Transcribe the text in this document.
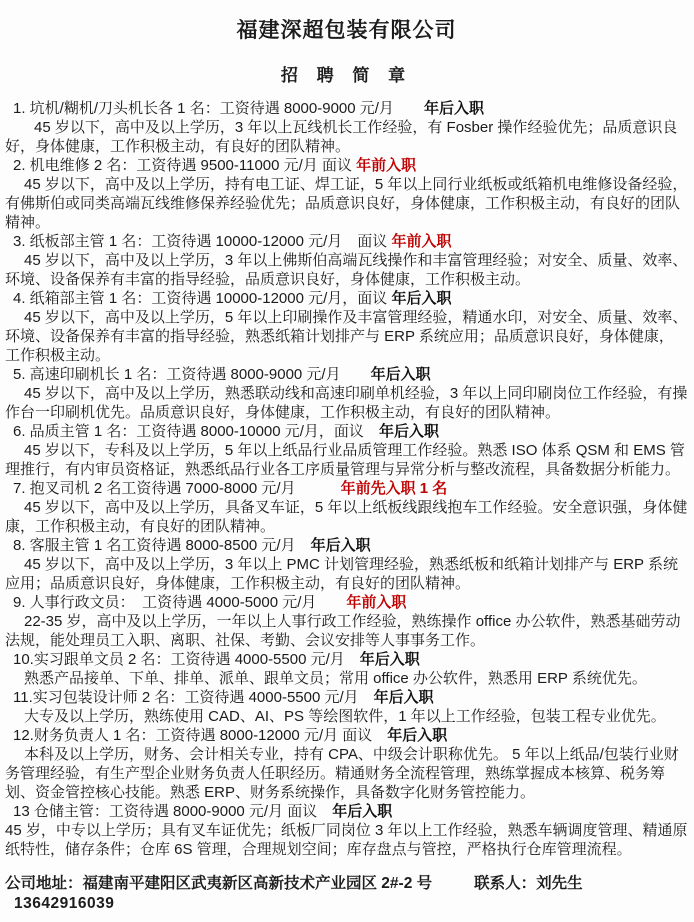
福建深超包装有限公司
招 聘 简 章
1. 坑机/糊机/刀头机长各 1 名：工资待遇 8000-9000 元/月　　年后入职
45 岁以下，高中及以上学历，3 年以上瓦线机长工作经验，有 Fosber 操作经验优先；品质意识良好，身体健康，工作积极主动，有良好的团队精神。
2. 机电维修 2 名：工资待遇 9500-11000 元/月 面议 年前入职
45 岁以下，高中及以上学历，持有电工证、焊工证，5 年以上同行业纸板或纸箱机电维修设备经验，有佛斯伯或同类高端瓦线维修保养经验优先；品质意识良好，身体健康，工作积极主动，有良好的团队精神。
3. 纸板部主管 1 名：工资待遇 10000-12000 元/月　面议 年前入职
45 岁以下，高中及以上学历，3 年以上佛斯伯高端瓦线操作和丰富管理经验；对安全、质量、效率、环境、设备保养有丰富的指导经验，品质意识良好，身体健康，工作积极主动。
4. 纸箱部主管 1 名：工资待遇 10000-12000 元/月，面议 年后入职
45 岁以下，高中及以上学历，5 年以上印刷操作及丰富管理经验，精通水印，对安全、质量、效率、环境、设备保养有丰富的指导经验，熟悉纸箱计划排产与 ERP 系统应用；品质意识良好，身体健康，工作积极主动。
5. 高速印刷机长 1 名：工资待遇 8000-9000 元/月　　年后入职
45 岁以下，高中及以上学历，熟悉联动线和高速印刷单机经验，3 年以上同印刷岗位工作经验，有操作台一印刷机优先。品质意识良好，身体健康，工作积极主动，有良好的团队精神。
6. 品质主管 1 名：工资待遇 8000-10000 元/月，面议　年后入职
45 岁以下，专科及以上学历，5 年以上纸品行业品质管理工作经验。熟悉 ISO 体系 QSM 和 EMS 管理推行，有内审员资格证，熟悉纸品行业各工序质量管理与异常分析与整改流程，具备数据分析能力。
7. 抱叉司机 2 名工资待遇 7000-8000 元/月　　　年前先入职 1 名
45 岁以下，高中及以上学历，具备叉车证，5 年以上纸板线跟线抱车工作经验。安全意识强，身体健康，工作积极主动，有良好的团队精神。
8. 客服主管 1 名工资待遇 8000-8500 元/月　年后入职
45 岁以下，高中及以上学历，3 年以上 PMC 计划管理经验，熟悉纸板和纸箱计划排产与 ERP 系统应用；品质意识良好，身体健康，工作积极主动，有良好的团队精神。
9. 人事行政文员：　工资待遇 4000-5000 元/月　　年前入职
22-35 岁，高中及以上学历，一年以上人事行政工作经验，熟练操作 office 办公软件，熟悉基础劳动法规，能处理员工入职、离职、社保、考勤、会议安排等人事事务工作。
10.实习跟单文员 2 名：工资待遇 4000-5500 元/月　年后入职
熟悉产品接单、下单、排单、派单、跟单文员；常用 office 办公软件，熟悉用 ERP 系统优先。
11.实习包装设计师 2 名：工资待遇 4000-5500 元/月　年后入职
大专及以上学历，熟练使用 CAD、AI、PS 等绘图软件，1 年以上工作经验，包装工程专业优先。
12.财务负责人 1 名：工资待遇 8000-12000 元/月 面议　年后入职
本科及以上学历，财务、会计相关专业，持有 CPA、中级会计职称优先。 5 年以上纸品/包装行业财务管理经验，有生产型企业财务负责人任职经历。精通财务全流程管理，熟练掌握成本核算、税务筹划、资金管控核心技能。熟悉 ERP、财务系统操作，具备数字化财务管控能力。
13 仓储主管：工资待遇 8000-9000 元/月 面议　年后入职
45 岁，中专以上学历；具有叉车证优先；纸板厂同岗位 3 年以上工作经验，熟悉车辆调度管理、精通原纸特性，储存条件；仓库 6S 管理，合理规划空间；库存盘点与管控，严格执行仓库管理流程。
公司地址：福建南平建阳区武夷新区高新技术产业园区 2#-2 号	联系人：刘先生13642916039
